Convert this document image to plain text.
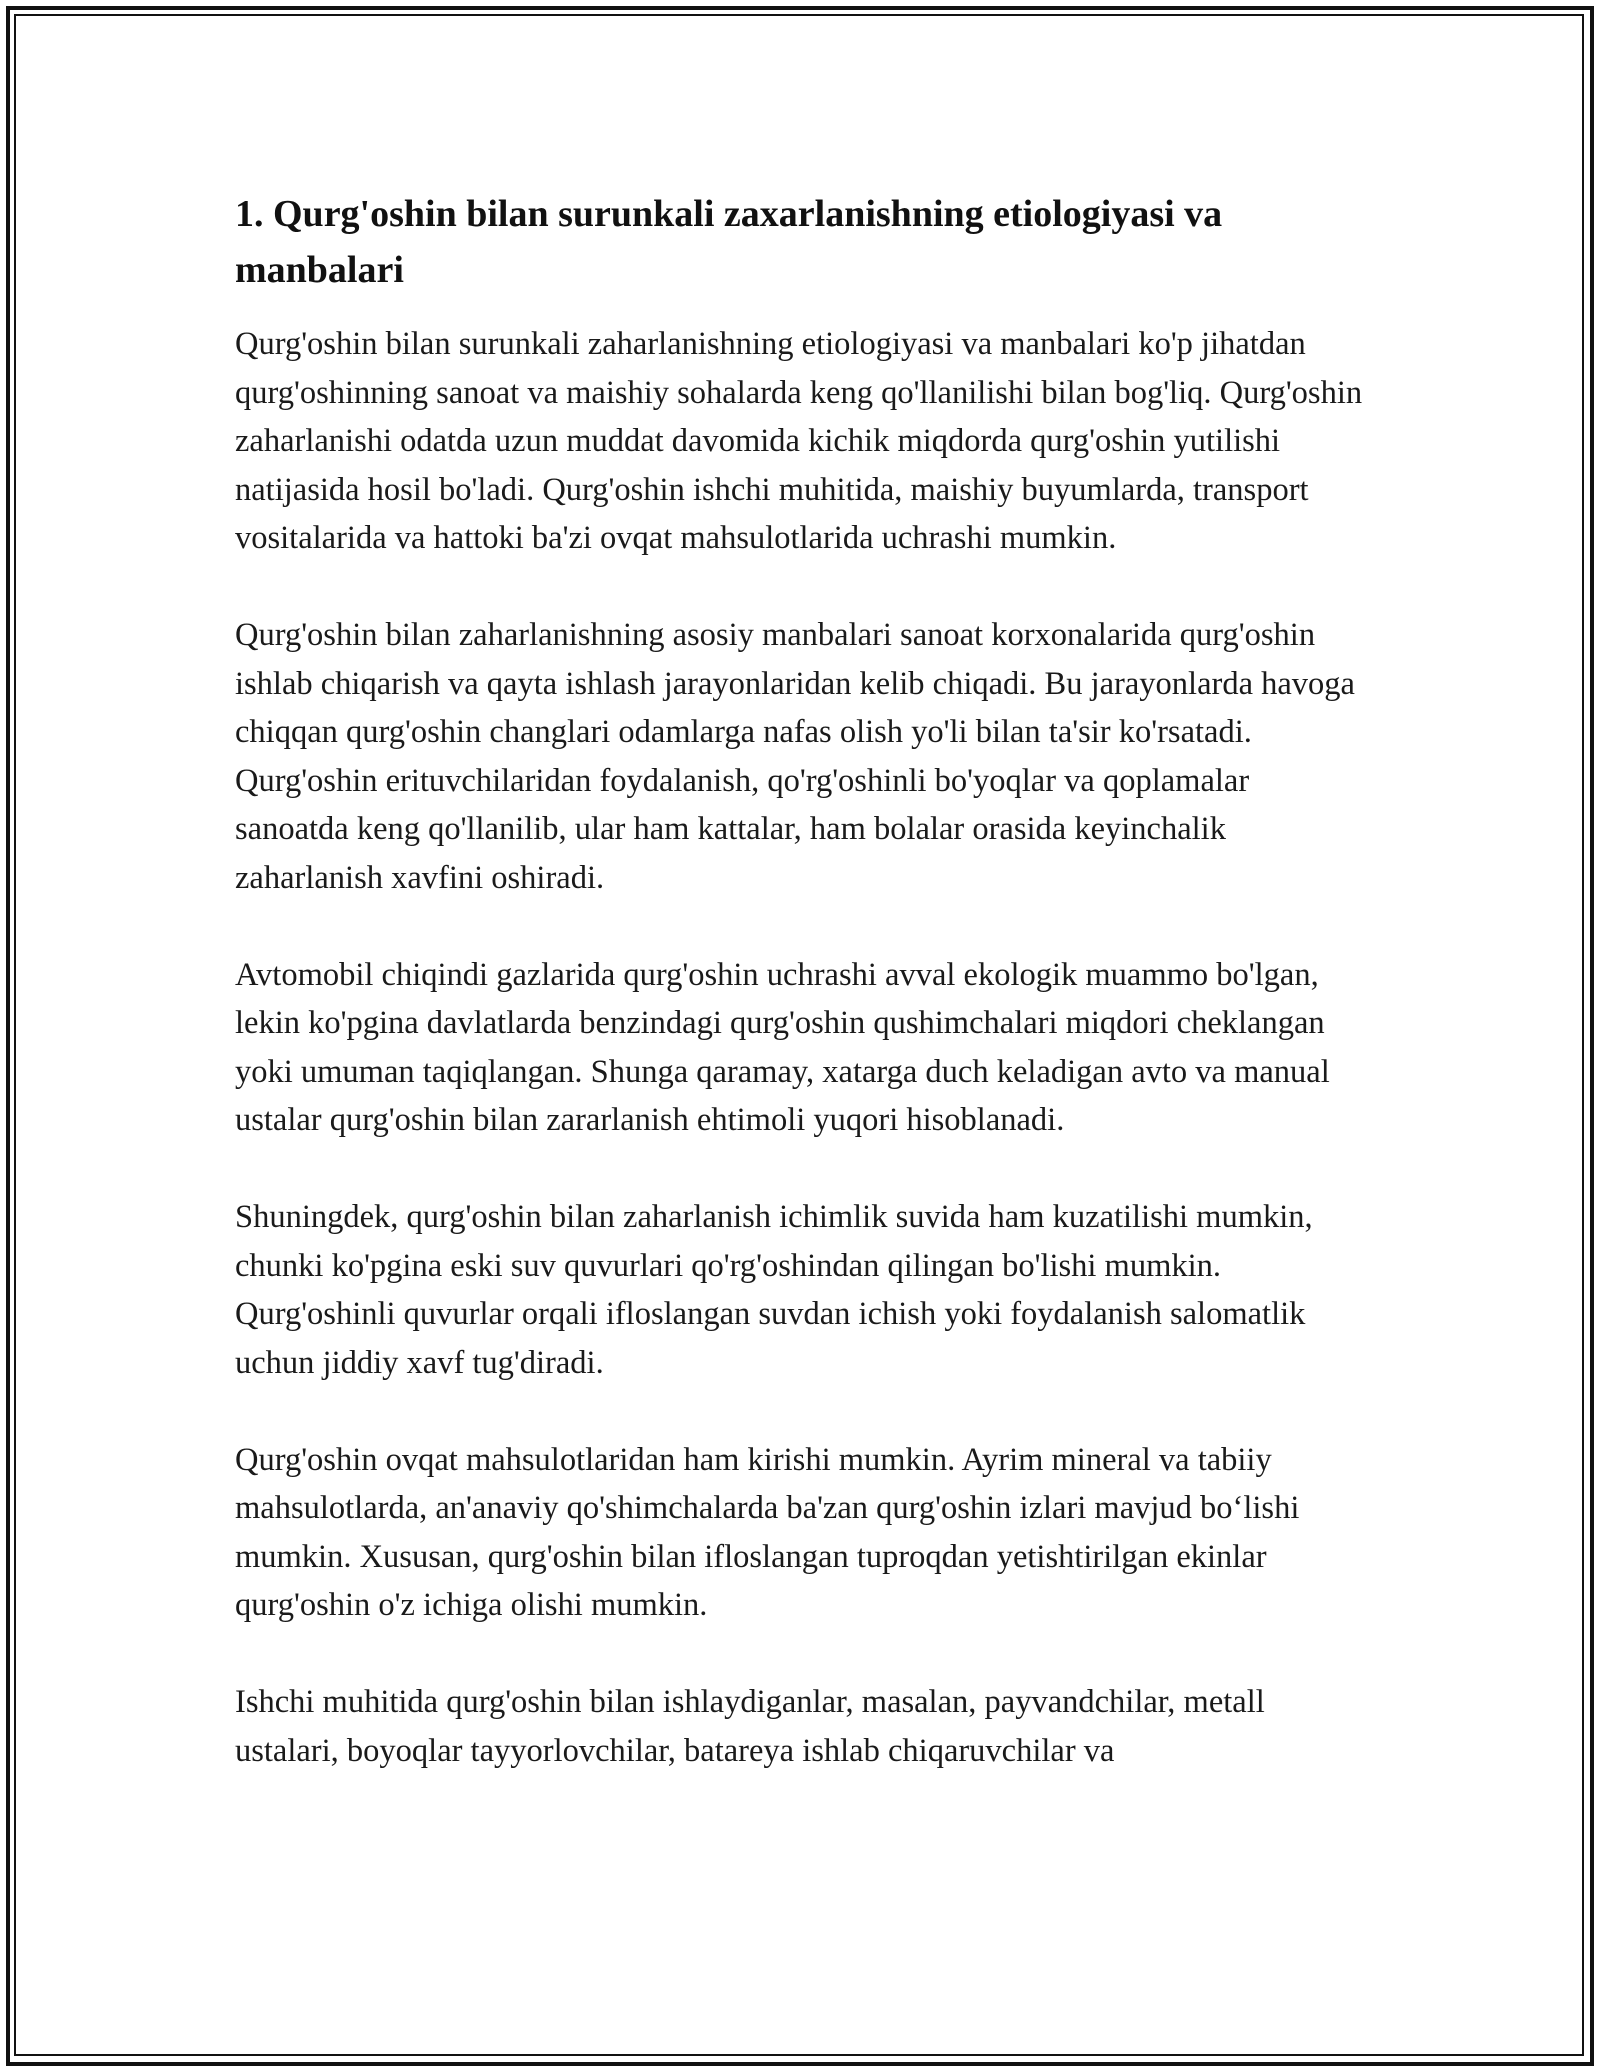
1. Qurg'oshin bilan surunkali zaxarlanishning etiologiyasi va manbalari

Qurg'oshin bilan surunkali zaharlanishning etiologiyasi va manbalari ko'p jihatdan qurg'oshinning sanoat va maishiy sohalarda keng qo'llanilishi bilan bog'liq. Qurg'oshin zaharlanishi odatda uzun muddat davomida kichik miqdorda qurg'oshin yutilishi natijasida hosil bo'ladi. Qurg'oshin ishchi muhitida, maishiy buyumlarda, transport vositalarida va hattoki ba'zi ovqat mahsulotlarida uchrashi mumkin.

Qurg'oshin bilan zaharlanishning asosiy manbalari sanoat korxonalarida qurg'oshin ishlab chiqarish va qayta ishlash jarayonlaridan kelib chiqadi. Bu jarayonlarda havoga chiqqan qurg'oshin changlari odamlarga nafas olish yo'li bilan ta'sir ko'rsatadi. Qurg'oshin erituvchilaridan foydalanish, qo'rg'oshinli bo'yoqlar va qoplamalar sanoatda keng qo'llanilib, ular ham kattalar, ham bolalar orasida keyinchalik zaharlanish xavfini oshiradi.

Avtomobil chiqindi gazlarida qurg'oshin uchrashi avval ekologik muammo bo'lgan, lekin ko'pgina davlatlarda benzindagi qurg'oshin qushimchalari miqdori cheklangan yoki umuman taqiqlangan. Shunga qaramay, xatarga duch keladigan avto va manual ustalar qurg'oshin bilan zararlanish ehtimoli yuqori hisoblanadi.

Shuningdek, qurg'oshin bilan zaharlanish ichimlik suvida ham kuzatilishi mumkin, chunki ko'pgina eski suv quvurlari qo'rg'oshindan qilingan bo'lishi mumkin. Qurg'oshinli quvurlar orqali ifloslangan suvdan ichish yoki foydalanish salomatlik uchun jiddiy xavf tug'diradi.

Qurg'oshin ovqat mahsulotlaridan ham kirishi mumkin. Ayrim mineral va tabiiy mahsulotlarda, an'anaviy qo'shimchalarda ba'zan qurg'oshin izlari mavjud bo‘lishi mumkin. Xususan, qurg'oshin bilan ifloslangan tuproqdan yetishtirilgan ekinlar qurg'oshin o'z ichiga olishi mumkin.

Ishchi muhitida qurg'oshin bilan ishlaydiganlar, masalan, payvandchilar, metall ustalari, boyoqlar tayyorlovchilar, batareya ishlab chiqaruvchilar va
